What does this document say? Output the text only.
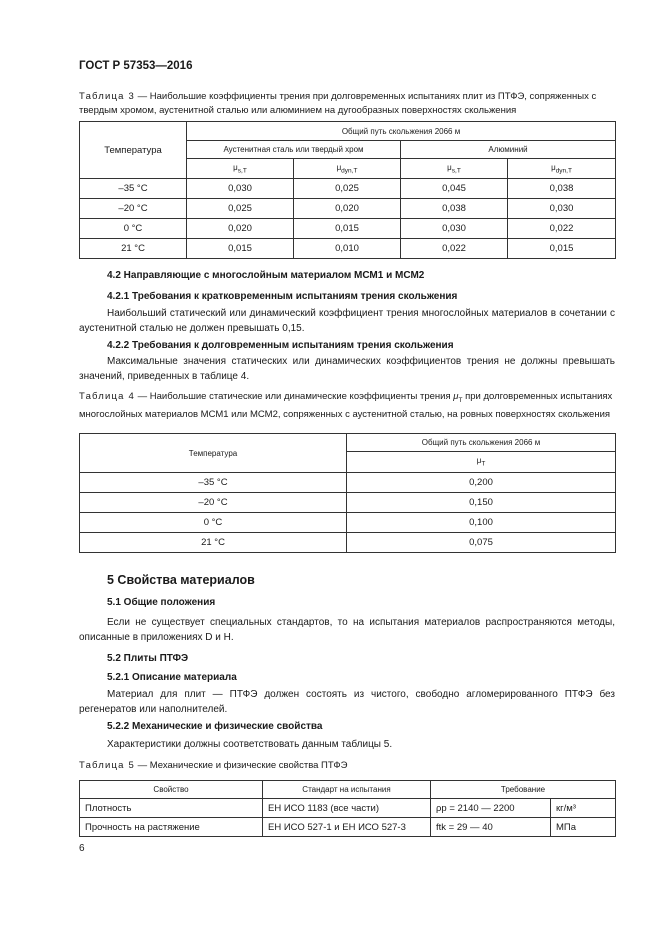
ГОСТ Р 57353—2016
Таблица 3 — Наибольшие коэффициенты трения при долговременных испытаниях плит из ПТФЭ, сопряженных с твердым хромом, аустенитной сталью или алюминием на дугообразных поверхностях скольжения
Температура	Общий путь скольжения 2066 м			
	Аустенитная сталь или твердый хром		Алюминий	
	$\mu_{s,T}$	$\mu_{dyn,T}$	$\mu_{s,T}$	$\mu_{dyn,T}$
–35 °С	0,030	0,025	0,045	0,038
–20 °С	0,025	0,020	0,038	0,030
0 °С	0,020	0,015	0,030	0,022
21 °С	0,015	0,010	0,022	0,015
4.2 Направляющие с многослойным материалом МСМ1 и МСМ2
4.2.1 Требования к кратковременным испытаниям трения скольжения
Наибольший статический или динамический коэффициент трения многослойных материалов в сочетании с аустенитной сталью не должен превышать 0,15.
4.2.2 Требования к долговременным испытаниям трения скольжения
Максимальные значения статических или динамических коэффициентов трения не должны превышать значений, приведенных в таблице 4.
Таблица 4 — Наибольшие статические или динамические коэффициенты трения $\mu_T$ при долговременных испытаниях многослойных материалов МСМ1 или МСМ2, сопряженных с аустенитной сталью, на ровных поверхностях скольжения
Температура	Общий путь скольжения 2066 м
	$\mu_T$
–35 °С	0,200
–20 °С	0,150
0 °С	0,100
21 °С	0,075
5 Свойства материалов
5.1 Общие положения
Если не существует специальных стандартов, то на испытания материалов распространяются методы, описанные в приложениях D и H.
5.2 Плиты ПТФЭ
5.2.1 Описание материала
Материал для плит — ПТФЭ должен состоять из чистого, свободно агломерированного ПТФЭ без регенератов или наполнителей.
5.2.2 Механические и физические свойства
Характеристики должны соответствовать данным таблицы 5.
Таблица 5 — Механические и физические свойства ПТФЭ
Свойство	Стандарт на испытания	Требование	
Плотность	ЕН ИСО 1183 (все части)	ρp = 2140 — 2200	кг/м³
Прочность на растяжение	ЕН ИСО 527-1 и ЕН ИСО 527-3	ftk = 29 — 40	МПа
6
